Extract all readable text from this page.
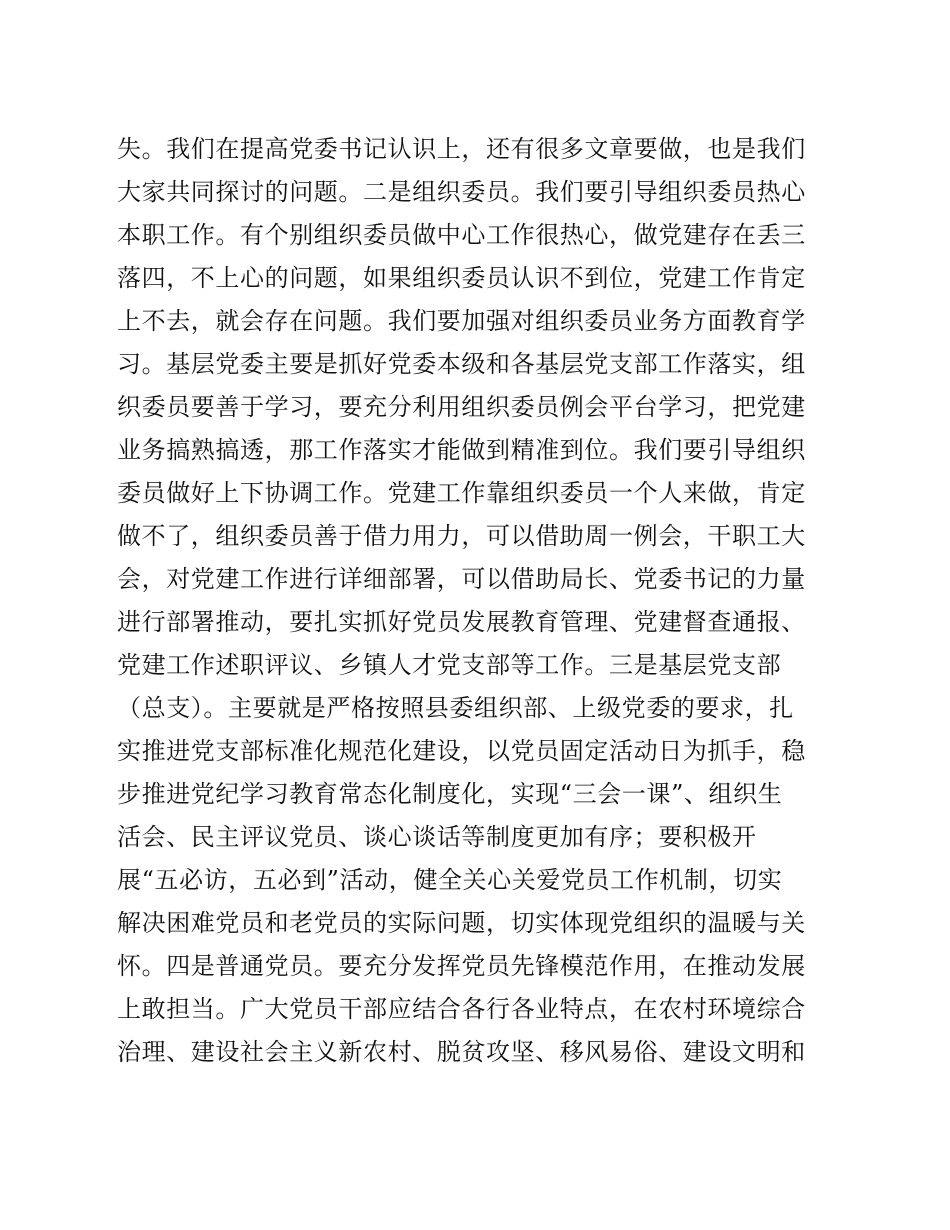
失。我们在提高党委书记认识上，还有很多文章要做，也是我们
大家共同探讨的问题。二是组织委员。我们要引导组织委员热心
本职工作。有个别组织委员做中心工作很热心，做党建存在丢三
落四，不上心的问题，如果组织委员认识不到位，党建工作肯定
上不去，就会存在问题。我们要加强对组织委员业务方面教育学
习。基层党委主要是抓好党委本级和各基层党支部工作落实，组
织委员要善于学习，要充分利用组织委员例会平台学习，把党建
业务搞熟搞透，那工作落实才能做到精准到位。我们要引导组织
委员做好上下协调工作。党建工作靠组织委员一个人来做，肯定
做不了，组织委员善于借力用力，可以借助周一例会，干职工大
会，对党建工作进行详细部署，可以借助局长、党委书记的力量
进行部署推动，要扎实抓好党员发展教育管理、党建督查通报、
党建工作述职评议、乡镇人才党支部等工作。三是基层党支部
（总支）。主要就是严格按照县委组织部、上级党委的要求，扎
实推进党支部标准化规范化建设，以党员固定活动日为抓手，稳
步推进党纪学习教育常态化制度化，实现“三会一课”、组织生
活会、民主评议党员、谈心谈话等制度更加有序；要积极开
展“五必访，五必到”活动，健全关心关爱党员工作机制，切实
解决困难党员和老党员的实际问题，切实体现党组织的温暖与关
怀。四是普通党员。要充分发挥党员先锋模范作用，在推动发展
上敢担当。广大党员干部应结合各行各业特点，在农村环境综合
治理、建设社会主义新农村、脱贫攻坚、移风易俗、建设文明和
